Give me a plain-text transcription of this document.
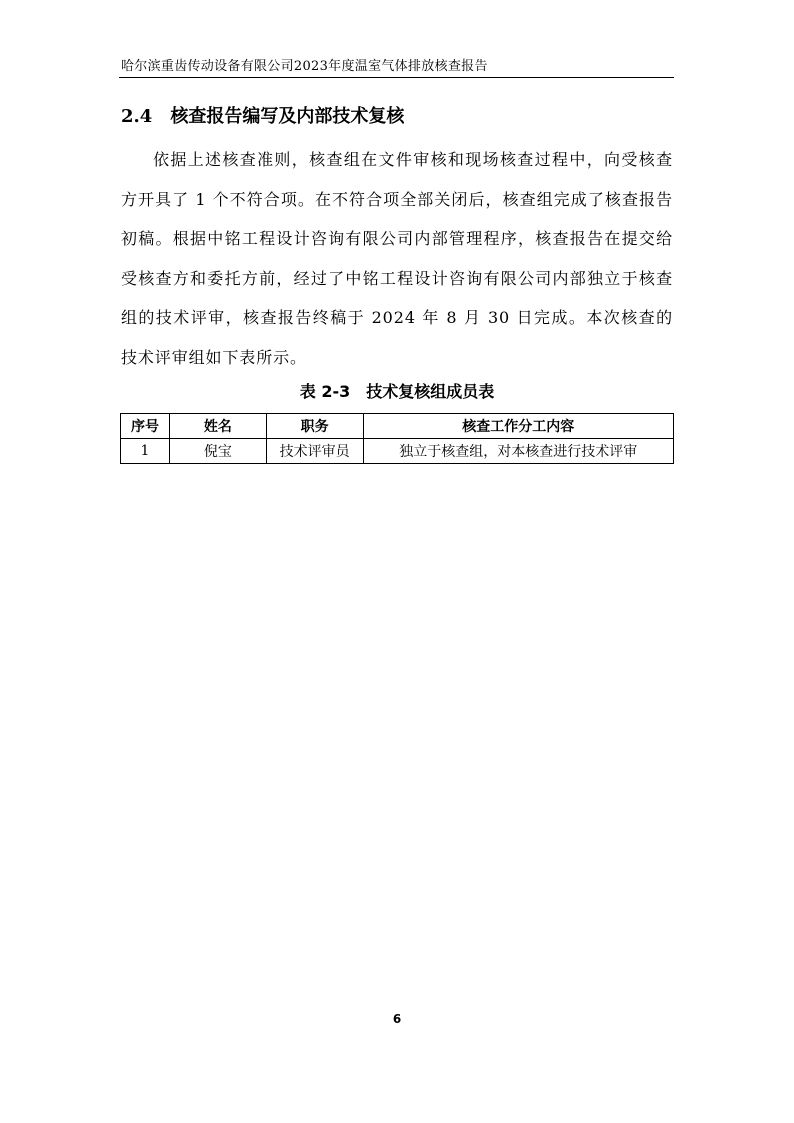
哈尔滨重齿传动设备有限公司2023年度温室气体排放核查报告
2.4 核查报告编写及内部技术复核

依据上述核查准则，核查组在文件审核和现场核查过程中，向受核查方开具了 1 个不符合项。在不符合项全部关闭后，核查组完成了核查报告初稿。根据中铭工程设计咨询有限公司内部管理程序，核查报告在提交给受核查方和委托方前，经过了中铭工程设计咨询有限公司内部独立于核查组的技术评审，核查报告终稿于 2024 年 8 月 30 日完成。本次核查的技术评审组如下表所示。

表 2-3 技术复核组成员表
序号	姓名	职务	核查工作分工内容
1	倪宝	技术评审员	独立于核查组，对本核查进行技术评审
6
